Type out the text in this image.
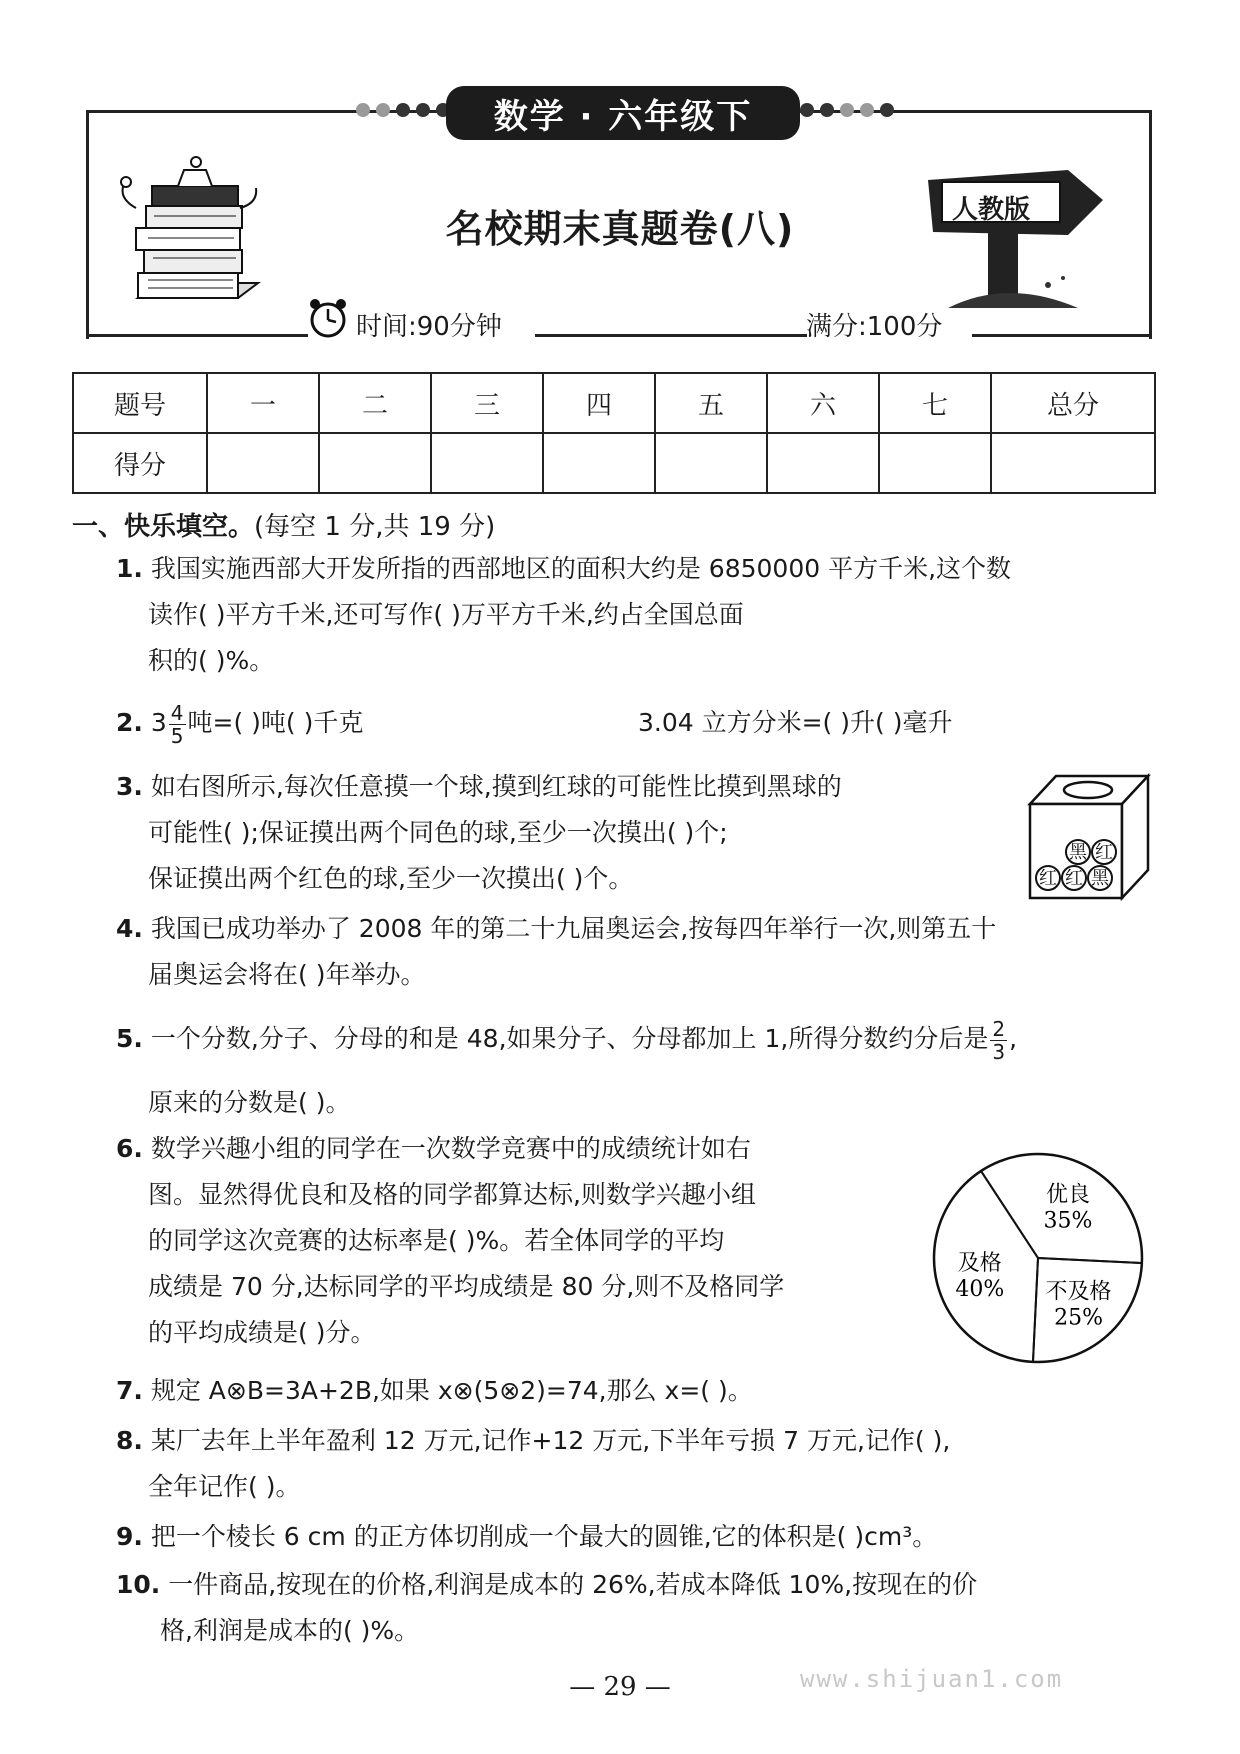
数学 · 六年级下
名校期末真题卷(八)	人教版
时间:90分钟	满分:100分
题号	一	二	三	四	五	六	七	总分
得分								
一、快乐填空。(每空 1 分,共 19 分)
1. 我国实施西部大开发所指的西部地区的面积大约是 6850000 平方千米,这个数
读作( )平方千米,还可写作( )万平方千米,约占全国总面
积的( )%。
2. $3 \frac{4}{5}$ 吨=( )吨( )千克	3.04 立方分米=( )升( )毫升
3. 如右图所示,每次任意摸一个球,摸到红球的可能性比摸到黑球的
可能性( );保证摸出两个同色的球,至少一次摸出( )个;
保证摸出两个红色的球,至少一次摸出( )个。
黑 红
红 红 黑
4. 我国已成功举办了 2008 年的第二十九届奥运会,按每四年举行一次,则第五十
届奥运会将在( )年举办。
5. 一个分数,分子、分母的和是 48,如果分子、分母都加上 1,所得分数约分后是 $\frac{2}{3}$ ,
原来的分数是( )。
6. 数学兴趣小组的同学在一次数学竞赛中的成绩统计如右
图。显然得优良和及格的同学都算达标,则数学兴趣小组
的同学这次竞赛的达标率是( )%。若全体同学的平均
成绩是 70 分,达标同学的平均成绩是 80 分,则不及格同学
的平均成绩是( )分。
优良
35%
不及格
25%
及格
40%
7. 规定 A⊗B=3A+2B,如果 x⊗(5⊗2)=74,那么 x=( )。
8. 某厂去年上半年盈利 12 万元,记作+12 万元,下半年亏损 7 万元,记作( ),
全年记作( )。
9. 把一个棱长 6 cm 的正方体切削成一个最大的圆锥,它的体积是( )cm³。
10. 一件商品,按现在的价格,利润是成本的 26%,若成本降低 10%,按现在的价
格,利润是成本的( )%。
— 29 —	www.shijuan1.com
